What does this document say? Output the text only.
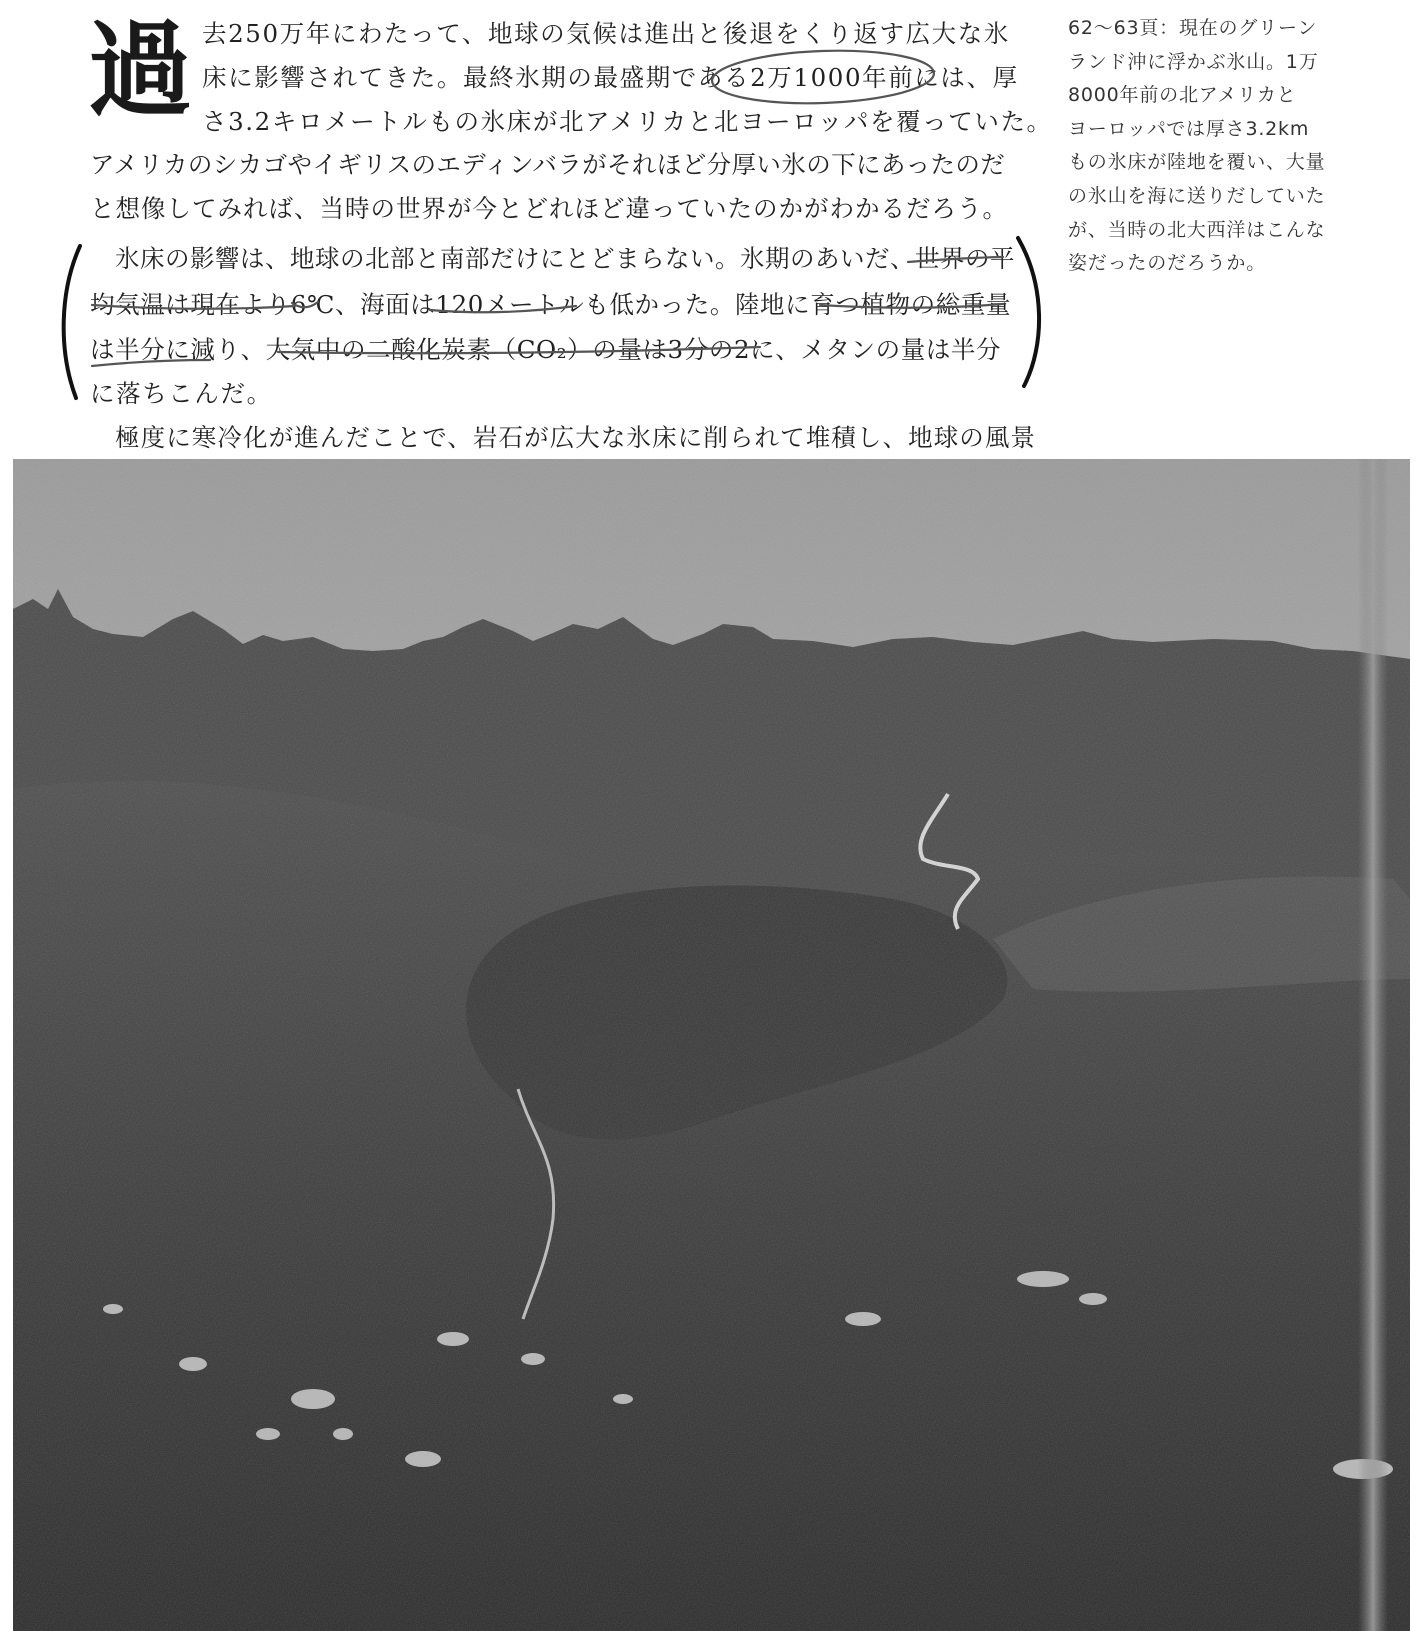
過 去250万年にわたって、地球の気候は進出と後退をくり返す広大な氷
床に影響されてきた。最終氷期の最盛期である2万1000年前には、厚
さ3.2キロメートルもの氷床が北アメリカと北ヨーロッパを覆っていた。
アメリカのシカゴやイギリスのエディンバラがそれほど分厚い氷の下にあったのだ
と想像してみれば、当時の世界が今とどれほど違っていたのかがわかるだろう。
氷床の影響は、地球の北部と南部だけにとどまらない。氷期のあいだ、世界の平
均気温は現在より6℃、海面は120メートルも低かった。陸地に育つ植物の総重量
は半分に減り、大気中の二酸化炭素（CO₂）の量は3分の2に、メタンの量は半分
に落ちこんだ。
極度に寒冷化が進んだことで、岩石が広大な氷床に削られて堆積し、地球の風景
62～63頁：現在のグリーン
ランド沖に浮かぶ氷山。1万
8000年前の北アメリカと
ヨーロッパでは厚さ3.2km
もの氷床が陸地を覆い、大量
の氷山を海に送りだしていた
が、当時の北大西洋はこんな
姿だったのだろうか。
